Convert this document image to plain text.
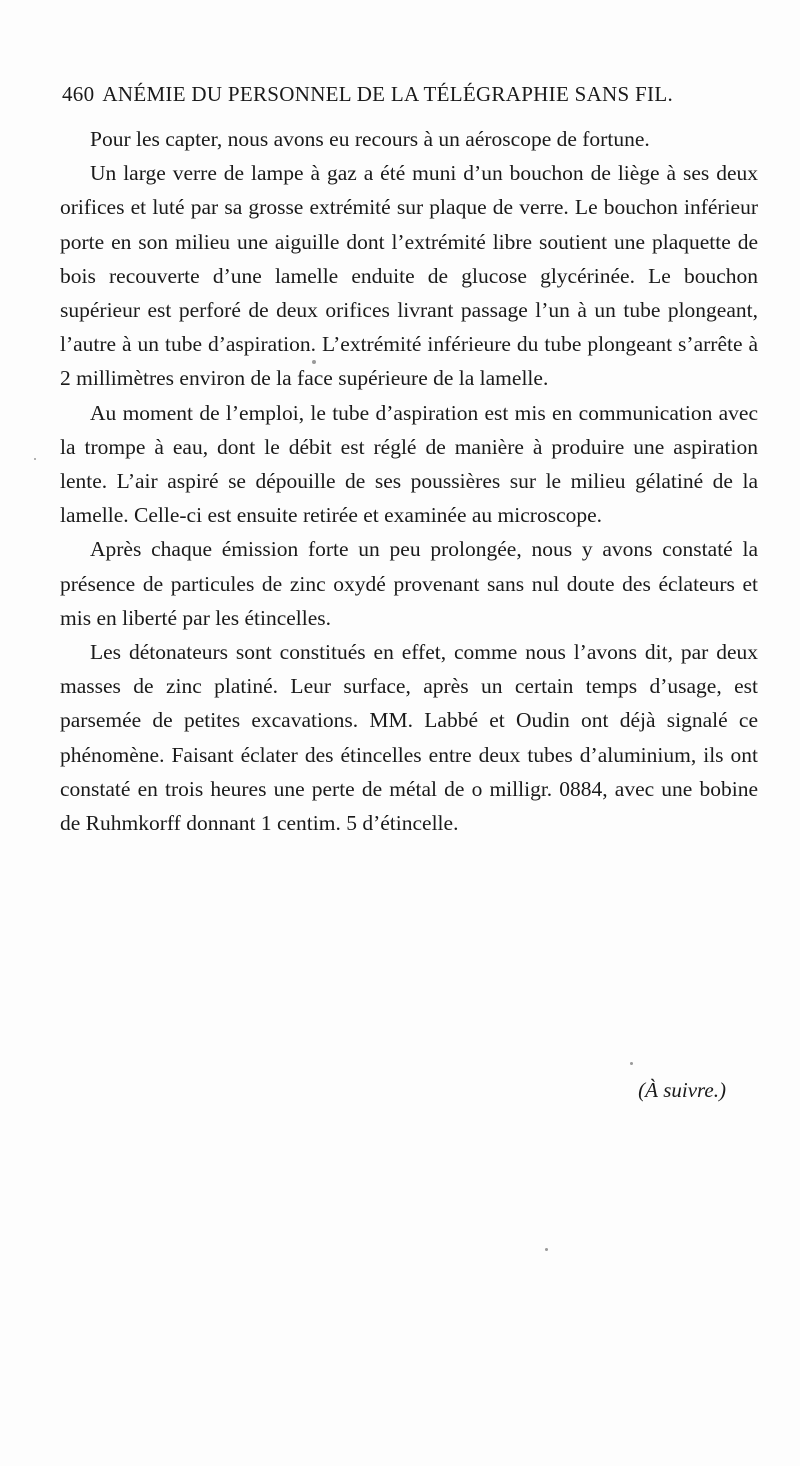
460 ANÉMIE DU PERSONNEL DE LA TÉLÉGRAPHIE SANS FIL.

Pour les capter, nous avons eu recours à un aéroscope de fortune.

Un large verre de lampe à gaz a été muni d’un bouchon de liège à ses deux orifices et luté par sa grosse extrémité sur plaque de verre. Le bouchon inférieur porte en son milieu une aiguille dont l’extrémité libre soutient une plaquette de bois recouverte d’une lamelle enduite de glucose glycérinée. Le bouchon supérieur est perforé de deux orifices livrant passage l’un à un tube plongeant, l’autre à un tube d’aspiration. L’extrémité inférieure du tube plongeant s’arrête à 2 millimètres environ de la face supérieure de la lamelle.

Au moment de l’emploi, le tube d’aspiration est mis en communication avec la trompe à eau, dont le débit est réglé de manière à produire une aspiration lente. L’air aspiré se dépouille de ses poussières sur le milieu gélatiné de la lamelle. Celle-ci est ensuite retirée et examinée au microscope.

Après chaque émission forte un peu prolongée, nous y avons constaté la présence de particules de zinc oxydé provenant sans nul doute des éclateurs et mis en liberté par les étincelles.

Les détonateurs sont constitués en effet, comme nous l’avons dit, par deux masses de zinc platiné. Leur surface, après un certain temps d’usage, est parsemée de petites excavations. MM. Labbé et Oudin ont déjà signalé ce phénomène. Faisant éclater des étincelles entre deux tubes d’aluminium, ils ont constaté en trois heures une perte de métal de o milligr. 0884, avec une bobine de Ruhmkorff donnant 1 centim. 5 d’étincelle.

(À suivre.)
